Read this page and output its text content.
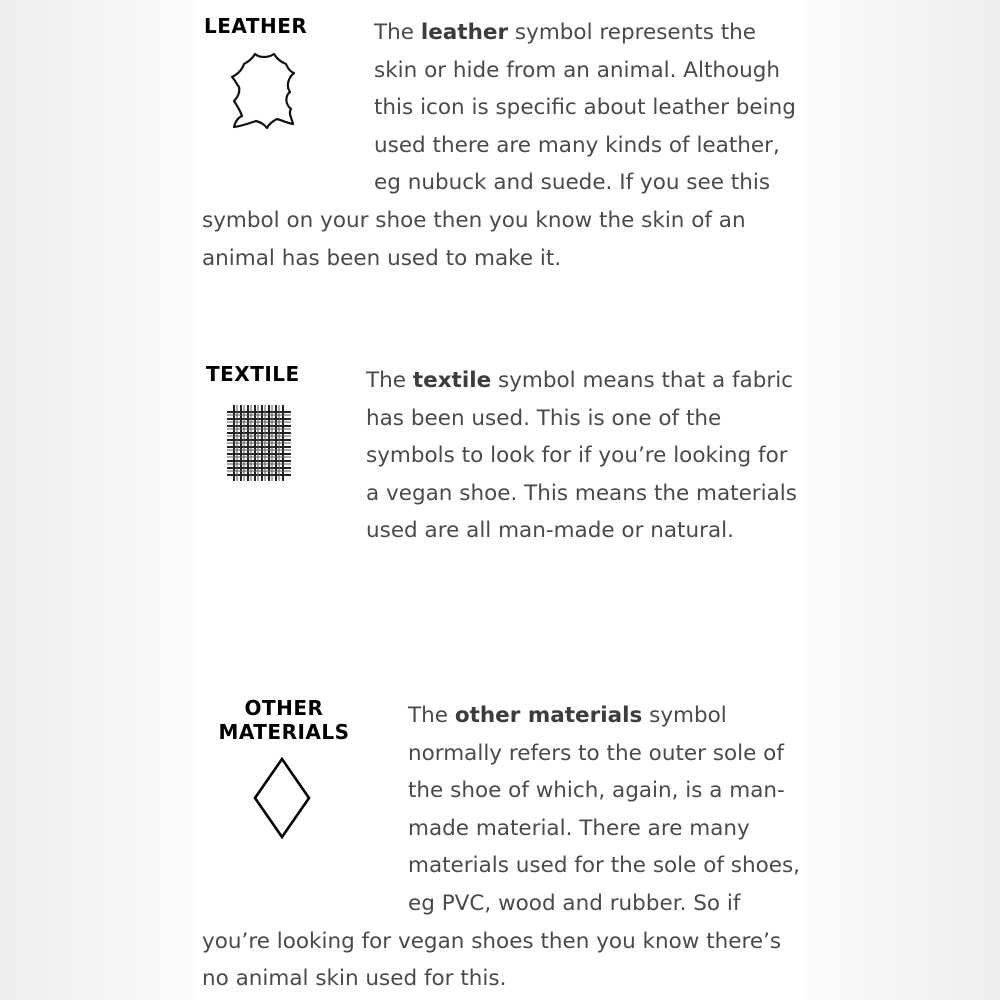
LEATHER	The leather symbol represents the
skin or hide from an animal. Although
this icon is specific about leather being
used there are many kinds of leather,
eg nubuck and suede. If you see this
symbol on your shoe then you know the skin of an
animal has been used to make it.
TEXTILE	The textile symbol means that a fabric
has been used. This is one of the
symbols to look for if you’re looking for
a vegan shoe. This means the materials
used are all man-made or natural.
OTHER
MATERIALS
The other materials symbol
normally refers to the outer sole of
the shoe of which, again, is a man-
made material. There are many
materials used for the sole of shoes,
eg PVC, wood and rubber. So if
you’re looking for vegan shoes then you know there’s
no animal skin used for this.
